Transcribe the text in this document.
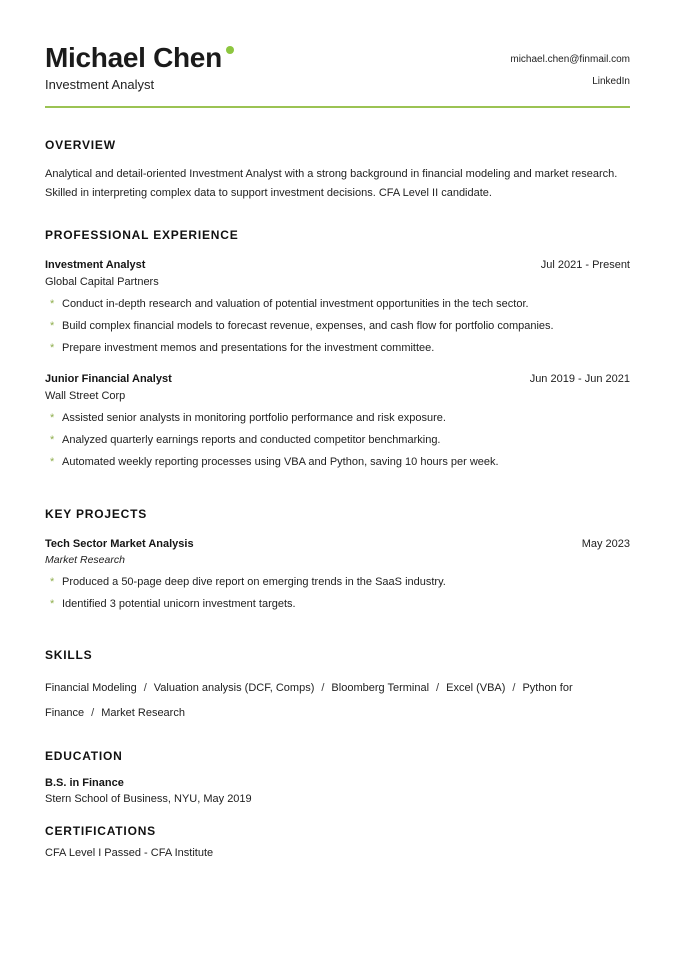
Michael Chen
Investment Analyst
michael.chen@finmail.com
LinkedIn
OVERVIEW

Analytical and detail-oriented Investment Analyst with a strong background in financial modeling and market research. Skilled in interpreting complex data to support investment decisions. CFA Level II candidate.

PROFESSIONAL EXPERIENCE
Investment Analyst	Jul 2021 - Present
Global Capital Partners
* Conduct in-depth research and valuation of potential investment opportunities in the tech sector.
* Build complex financial models to forecast revenue, expenses, and cash flow for portfolio companies.
* Prepare investment memos and presentations for the investment committee.
Junior Financial Analyst	Jun 2019 - Jun 2021
Wall Street Corp
* Assisted senior analysts in monitoring portfolio performance and risk exposure.
* Analyzed quarterly earnings reports and conducted competitor benchmarking.
* Automated weekly reporting processes using VBA and Python, saving 10 hours per week.
KEY PROJECTS
Tech Sector Market Analysis	May 2023
Market Research
* Produced a 50-page deep dive report on emerging trends in the SaaS industry.
* Identified 3 potential unicorn investment targets.
SKILLS
Financial Modeling / Valuation analysis (DCF, Comps) / Bloomberg Terminal / Excel (VBA) / Python for Finance / Market Research
EDUCATION
B.S. in Finance
Stern School of Business, NYU, May 2019
CERTIFICATIONS
CFA Level I Passed - CFA Institute
